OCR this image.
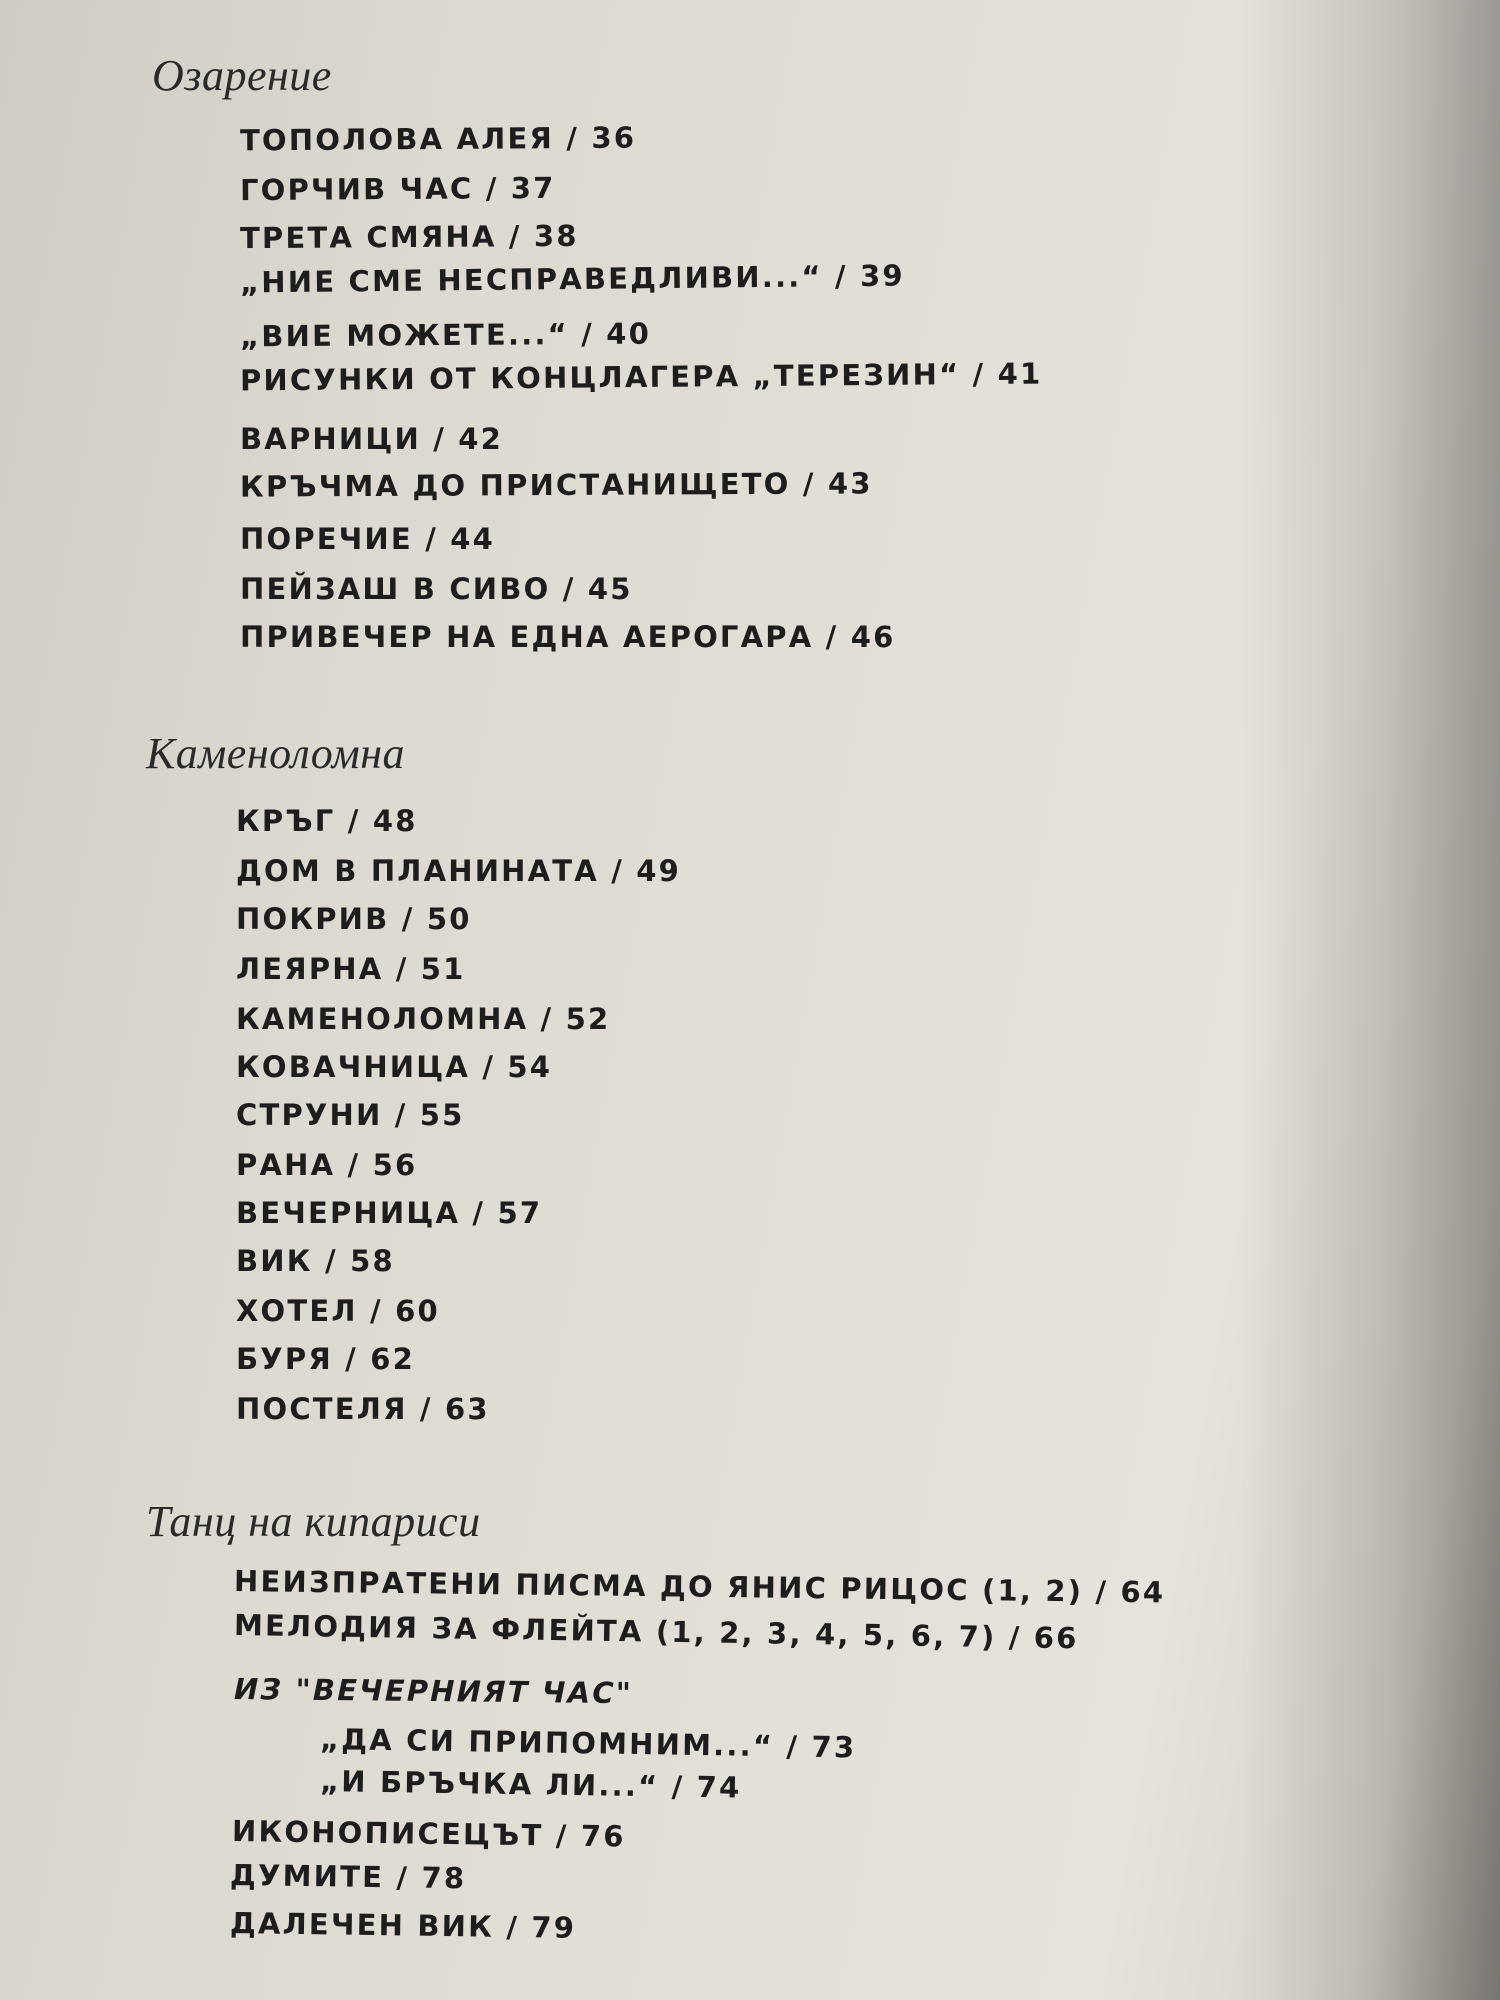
Озарение
ТОПОЛОВА АЛЕЯ / 36
ГОРЧИВ ЧАС / 37
ТРЕТА СМЯНА / 38
„НИЕ СМЕ НЕСПРАВЕДЛИВИ...“ / 39
„ВИЕ МОЖЕТЕ...“ / 40
РИСУНКИ ОТ КОНЦЛАГЕРА „ТЕРЕЗИН“ / 41
ВАРНИЦИ / 42
КРЪЧМА ДО ПРИСТАНИЩЕТО / 43
ПОРЕЧИЕ / 44
ПЕЙЗАШ В СИВО / 45
ПРИВЕЧЕР НА ЕДНА АЕРОГАРА / 46
Каменоломна
КРЪГ / 48
ДОМ В ПЛАНИНАТА / 49
ПОКРИВ / 50
ЛЕЯРНА / 51
КАМЕНОЛОМНА / 52
КОВАЧНИЦА / 54
СТРУНИ / 55
РАНА / 56
ВЕЧЕРНИЦА / 57
ВИК / 58
ХОТЕЛ / 60
БУРЯ / 62
ПОСТЕЛЯ / 63
Танц на кипариси
НЕИЗПРАТЕНИ ПИСМА ДО ЯНИС РИЦОС (1, 2) / 64
МЕЛОДИЯ ЗА ФЛЕЙТА (1, 2, 3, 4, 5, 6, 7) / 66
ИЗ "ВЕЧЕРНИЯТ ЧАС"
„ДА СИ ПРИПОМНИМ...“ / 73
„И БРЪЧКА ЛИ...“ / 74
ИКОНОПИСЕЦЪТ / 76
ДУМИТЕ / 78
ДАЛЕЧЕН ВИК / 79
